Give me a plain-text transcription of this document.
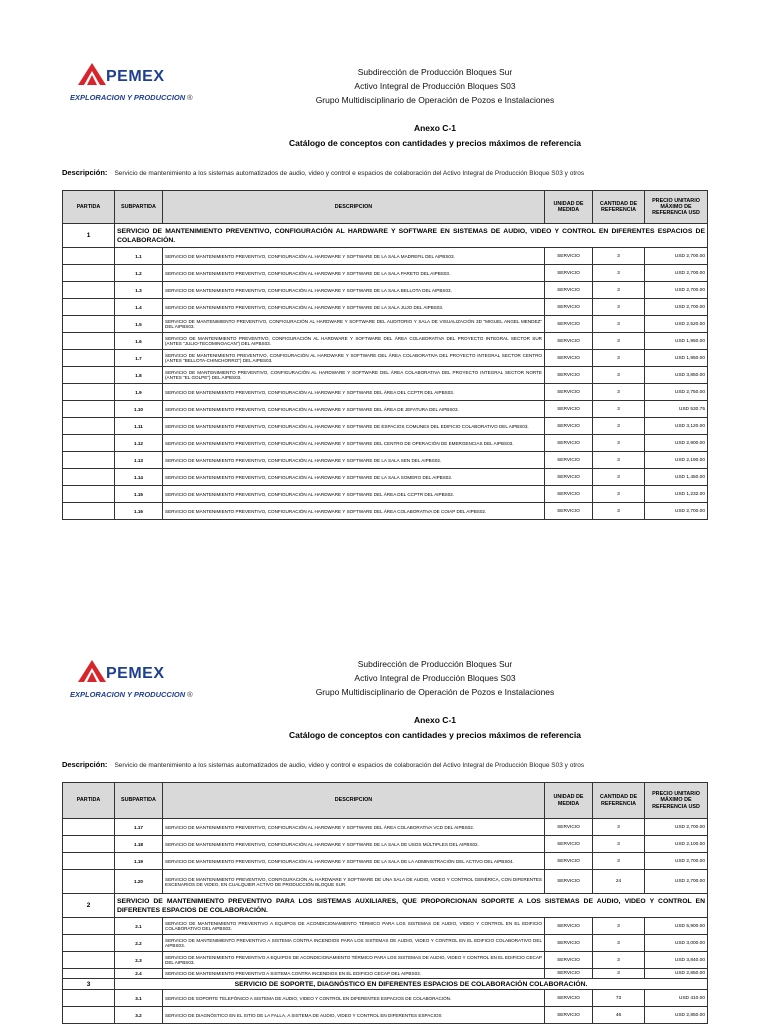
PEMEX
EXPLORACION Y PRODUCCION ®
Subdirección de Producción Bloques Sur
Activo Integral de Producción Bloques S03
Grupo Multidisciplinario de Operación de Pozos e Instalaciones
Anexo C-1
Catálogo de conceptos con cantidades y precios máximos de referencia
Descripción: Servicio de mantenimiento a los sistemas automatizados de audio, video y control e espacios de colaboración del Activo Integral de Producción Bloque S03 y otros
PARTIDA	SUBPARTIDA	DESCRIPCION	UNIDAD DE MEDIDA	CANTIDAD DE REFERENCIA	PRECIO UNITARIO MÁXIMO DE REFERENCIA USD
1	SERVICIO DE MANTENIMIENTO PREVENTIVO, CONFIGURACIÓN AL HARDWARE Y SOFTWARE EN SISTEMAS DE AUDIO, VIDEO Y CONTROL EN DIFERENTES ESPACIOS DE COLABORACIÓN.				
	1.1	SERVICIO DE MANTENIMIENTO PREVENTIVO, CONFIGURACIÓN AL HARDWARE Y SOFTWARE DE LA SALA MADREFIL DEL AIPBS03.	SERVICIO	3	USD 2,700.00
	1.2	SERVICIO DE MANTENIMIENTO PREVENTIVO, CONFIGURACIÓN AL HARDWARE Y SOFTWARE DE LA SALA PARETO DEL AIPBS03.	SERVICIO	3	USD 2,700.00
	1.3	SERVICIO DE MANTENIMIENTO PREVENTIVO, CONFIGURACIÓN AL HARDWARE Y SOFTWARE DE LA SALA BELLOTA DEL AIPBS03.	SERVICIO	3	USD 2,700.00
	1.4	SERVICIO DE MANTENIMIENTO PREVENTIVO, CONFIGURACIÓN AL HARDWARE Y SOFTWARE DE LA SALA JUJO DEL AIPBS03.	SERVICIO	3	USD 2,700.00
	1.5	SERVICIO DE MANTENIMIENTO PREVENTIVO, CONFIGURACIÓN AL HARDWARE Y SOFTWARE DEL AUDITORIO Y SALA DE VISUALIZACIÓN 3D "MIGUEL ANGEL MENDEZ" DEL AIPBS03.	SERVICIO	3	USD 2,520.00
	1.6	SERVICIO DE MANTENIMIENTO PREVENTIVO, CONFIGURACIÓN AL HARDWARE Y SOFTWARE DEL ÁREA COLABORATIVA DEL PROYECTO INTEGRAL SECTOR SUR (ANTES "JULIO-TECOMINOACAN") DEL AIPBS03.	SERVICIO	3	USD 1,950.00
	1.7	SERVICIO DE MANTENIMIENTO PREVENTIVO, CONFIGURACIÓN AL HARDWARE Y SOFTWARE DEL ÁREA COLABORATIVA DEL PROYECTO INTEGRAL SECTOR CENTRO (ANTES "BELLOTA-CHINCHORRO") DEL AIPBS03.	SERVICIO	3	USD 1,950.00
	1.8	SERVICIO DE MANTENIMIENTO PREVENTIVO, CONFIGURACIÓN AL HARDWARE Y SOFTWARE DEL ÁREA COLABORATIVA DEL PROYECTO INTEGRAL SECTOR NORTE (ANTES "EL GOLPE") DEL AIPBS03.	SERVICIO	3	USD 3,850.00
	1.9	SERVICIO DE MANTENIMIENTO PREVENTIVO, CONFIGURACIÓN AL HARDWARE Y SOFTWARE DEL ÁREA DEL CCPTR DEL AIPBS03.	SERVICIO	3	USD 2,750.00
	1.10	SERVICIO DE MANTENIMIENTO PREVENTIVO, CONFIGURACIÓN AL HARDWARE Y SOFTWARE DEL ÁREA DE JEFATURA DEL AIPBS03.	SERVICIO	3	USD 530.75
	1.11	SERVICIO DE MANTENIMIENTO PREVENTIVO, CONFIGURACIÓN AL HARDWARE Y SOFTWARE DE ESPACIOS COMUNES DEL EDIFICIO COLABORATIVO DEL AIPBS03.	SERVICIO	3	USD 3,120.00
	1.12	SERVICIO DE MANTENIMIENTO PREVENTIVO, CONFIGURACIÓN AL HARDWARE Y SOFTWARE DEL CENTRO DE OPERACIÓN DE EMERGENCIAS DEL AIPBS03.	SERVICIO	3	USD 2,900.00
	1.13	SERVICIO DE MANTENIMIENTO PREVENTIVO, CONFIGURACIÓN AL HARDWARE Y SOFTWARE DE LA SALA SEN DEL AIPBS02.	SERVICIO	3	USD 2,190.00
	1.14	SERVICIO DE MANTENIMIENTO PREVENTIVO, CONFIGURACIÓN AL HARDWARE Y SOFTWARE DE LA SALA SOMERO DEL AIPBS02.	SERVICIO	3	USD 1,450.00
	1.15	SERVICIO DE MANTENIMIENTO PREVENTIVO, CONFIGURACIÓN AL HARDWARE Y SOFTWARE DEL ÁREA DEL CCPTR DEL AIPBS02.	SERVICIO	3	USD 1,232.00
	1.16	SERVICIO DE MANTENIMIENTO PREVENTIVO, CONFIGURACIÓN AL HARDWARE Y SOFTWARE DEL ÁREA COLABORATIVA DE COIAP DEL AIPBS02.	SERVICIO	3	USD 2,700.00
PEMEX
EXPLORACION Y PRODUCCION ®
Subdirección de Producción Bloques Sur
Activo Integral de Producción Bloques S03
Grupo Multidisciplinario de Operación de Pozos e Instalaciones
Anexo C-1
Catálogo de conceptos con cantidades y precios máximos de referencia
Descripción: Servicio de mantenimiento a los sistemas automatizados de audio, video y control e espacios de colaboración del Activo Integral de Producción Bloque S03 y otros
PARTIDA	SUBPARTIDA	DESCRIPCION	UNIDAD DE MEDIDA	CANTIDAD DE REFERENCIA	PRECIO UNITARIO MÁXIMO DE REFERENCIA USD
	1.17	SERVICIO DE MANTENIMIENTO PREVENTIVO, CONFIGURACIÓN AL HARDWARE Y SOFTWARE DEL ÁREA COLABORATIVA VCD DEL AIPBS02.	SERVICIO	3	USD 2,700.00
	1.18	SERVICIO DE MANTENIMIENTO PREVENTIVO, CONFIGURACIÓN AL HARDWARE Y SOFTWARE DE LA SALA DE USOS MÚLTIPLES DEL AIPBS02.	SERVICIO	3	USD 2,100.00
	1.19	SERVICIO DE MANTENIMIENTO PREVENTIVO, CONFIGURACIÓN AL HARDWARE Y SOFTWARE DE LA SALA DE LA ADMINISTRACIÓN DEL ACTIVO DEL AIPBS04.	SERVICIO	3	USD 2,700.00
	1.20	SERVICIO DE MANTENIMIENTO PREVENTIVO, CONFIGURACIÓN AL HARDWARE Y SOFTWARE DE UNA SALA DE AUDIO, VIDEO Y CONTROL GENÉRICA, CON DIFERENTES ESCENARIOS DE VIDEO, EN CUALQUIER ACTIVO DE PRODUCCIÓN BLOQUE SUR.	SERVICIO	24	USD 2,700.00
2	SERVICIO DE MANTENIMIENTO PREVENTIVO PARA LOS SISTEMAS AUXILIARES, QUE PROPORCIONAN SOPORTE A LOS SISTEMAS DE AUDIO, VIDEO Y CONTROL EN DIFERENTES ESPACIOS DE COLABORACIÓN.				
	2.1	SERVICIO DE MANTENIMIENTO PREVENTIVO A EQUIPOS DE ACONDICIONAMIENTO TÉRMICO PARA LOS SISTEMAS DE AUDIO, VIDEO Y CONTROL EN EL EDIFICIO COLABORATIVO DEL AIPBS03.	SERVICIO	3	USD 5,900.00
	2.2	SERVICIO DE MANTENIMIENTO PREVENTIVO A SISTEMA CONTRA INCENDIOS PARA LOS SISTEMAS DE AUDIO, VIDEO Y CONTROL EN EL EDIFICIO COLABORATIVO DEL AIPBS03.	SERVICIO	3	USD 3,000.00
	2.3	SERVICIO DE MANTENIMIENTO PREVENTIVO A EQUIPOS DE ACONDICIONAMIENTO TÉRMICO PARA LOS SISTEMAS DE AUDIO, VIDEO Y CONTROL EN EL EDIFICIO CECAP DEL AIPBS03.	SERVICIO	3	USD 3,840.00
	2.4	SERVICIO DE MANTENIMIENTO PREVENTIVO A SISTEMA CONTRA INCENDIOS EN EL EDIFICIO CECAP DEL AIPBS03.	SERVICIO	3	USD 2,850.00
3	SERVICIO DE SOPORTE, DIAGNÓSTICO EN DIFERENTES ESPACIOS DE COLABORACIÓN COLABORACIÓN.				
	3.1	SERVICIO DE SOPORTE TELEFÓNICO A SISTEMA DE AUDIO, VIDEO Y CONTROL EN DIFERENTES ESPACIOS DE COLABORACIÓN.	SERVICIO	73	USD 410.00
	3.2	SERVICIO DE DIAGNÓSTICO EN EL SITIO DE LA FALLA, A SISTEMA DE AUDIO, VIDEO Y CONTROL EN DIFERENTES ESPACIOS	SERVICIO	46	USD 2,850.00
